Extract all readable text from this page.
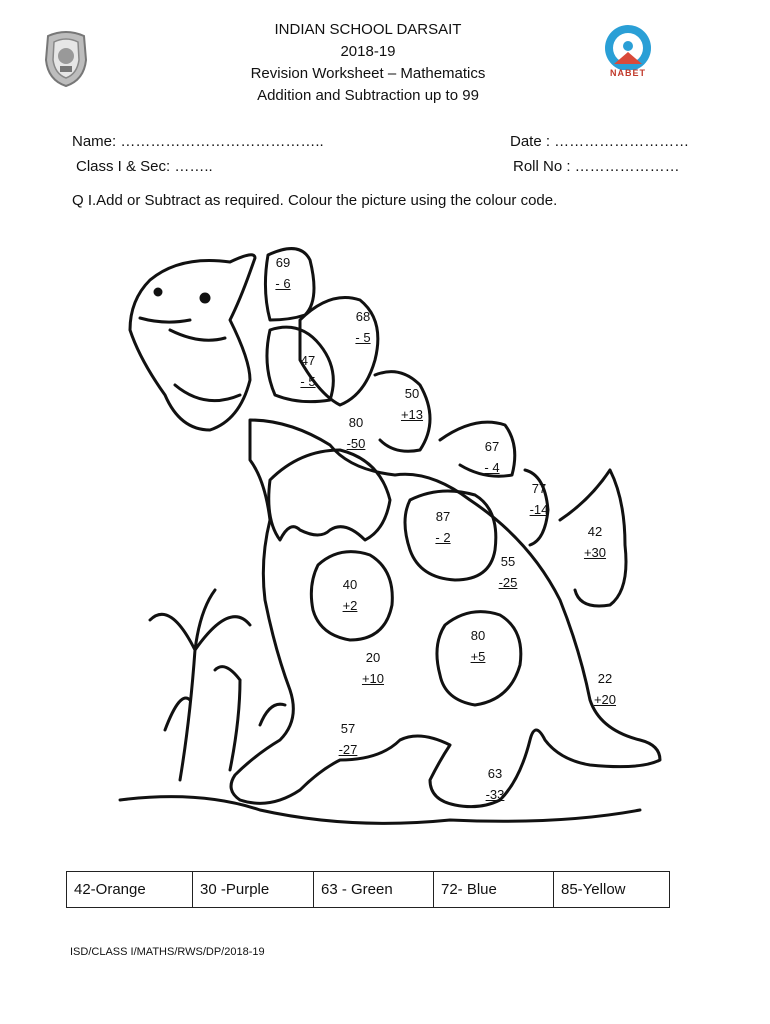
NABET
INDIAN SCHOOL DARSAIT
2018-19
Revision Worksheet – Mathematics
Addition and Subtraction up to 99
Name: …………………………………..	Date : ………………………
Class I & Sec: ……..	Roll No : …………………
Q I.Add or Subtract as required. Colour the picture using the colour code.
69
- 6
68
- 5
47
- 5
50
+13
80
-50	67
- 4
77
-14
87
- 2	42
+30
55
-25
40
+2
80
+5
20
+10	22
+20
57
-27
63
-33
42-Orange	30 -Purple	63 - Green	72- Blue	85-Yellow
ISD/CLASS I/MATHS/RWS/DP/2018-19
